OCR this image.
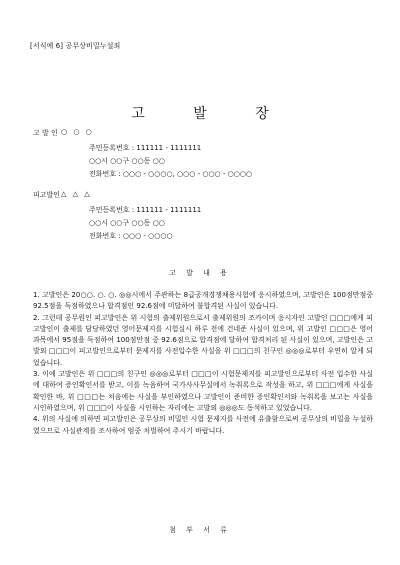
[서식예 6] 공무상비밀누설죄
고 발 장
고 발 인 ○ ○ ○
주민등록번호 : 111111 - 1111111
○○시 ○○구 ○○동 ○○
전화번호 : ○○○ - ○○○○, ○○○ - ○○○ - ○○○○
피고발인 △ △ △
주민등록번호 : 111111 - 1111111
○○시 ○○구 ○○동 ○○
전화번호 : ○○○ - ○○○○
고 발 내 용

1. 고발인은 20○○. ○. ○. ◎◎시에서 주관하는 8급공개경쟁채용시험에 응시하였으며, 고발인은 100점만점중 92.5점을 득점하였으나 합격점인 92.6점에 미달하여 불합격된 사실이 있습니다.

2. 그런데 공무원인 피고발인은 위 시험의 출제위원으로서 출제위원의 조카이며 응시자인 고발인 □□□에게 피고발인이 출제를 담당하였던 영어문제지를 시험실시 하루 전에 건네준 사실이 있으며, 위 고발인 □□□은 영어과목에서 95점을 득점하여 100점만점 중 92.6점으로 합격점에 달하여 합격처리 된 사실이 있으며, 고발인은 고발외 □□□이 피고발인으로부터 문제지를 사전입수한 사실을 위 □□□의 친구인 ◎◎◎로부터 우연히 알게 되었습니다.

3. 이에 고발인은 위 □□□의 친구인 ◎◎◎로부터 □□□이 시험문제지를 피고발인으로부터 사전 입수한 사실에 대하여 증인확인서를 받고, 이를 녹음하여 국가사사무실에서 녹취록으로 작성을 하고, 위 □□□에게 사실을 확인한 바, 위 □□□는 처음에는 사실을 부인하였으나 고발인이 준비한 증인확인서와 녹취록을 보고는 사실을 시인하였으며, 위 □□□이 사실을 시인하는 자리에는 고발외 ◎◎◎도 동석하고 있었습니다.

4. 위의 사실에 의하면 피고발인은 공무상의 비밀인 시험 문제지를 사전에 유출함으로써 공무상의 비밀을 누설하였으므로 사실관계를 조사하여 엄중 처벌하여 주시기 바랍니다.

첨 부 서 류
